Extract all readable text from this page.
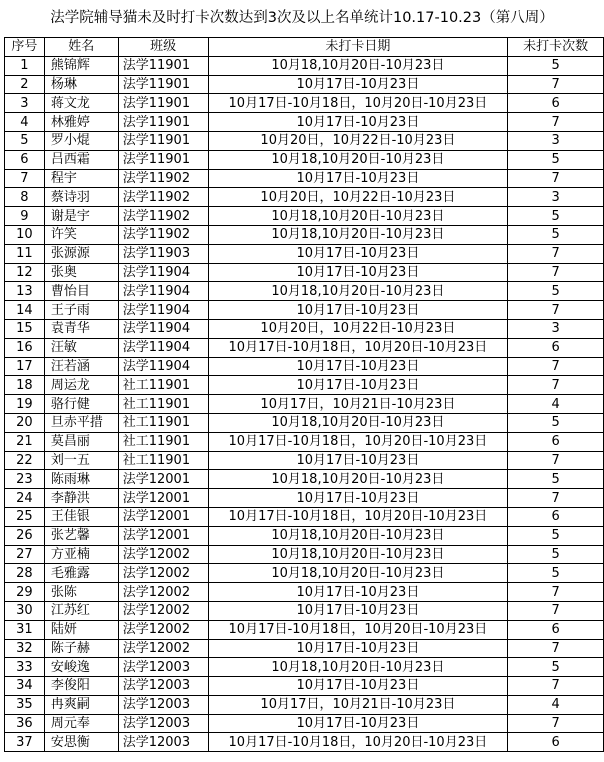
法学院辅导猫未及时打卡次数达到3次及以上名单统计10.17-10.23（第八周）
序号	姓名	班级	未打卡日期	未打卡次数
1	熊锦辉	法学11901	10月18,10月20日-10月23日	5
2	杨琳	法学11901	10月17日-10月23日	7
3	蒋文龙	法学11901	10月17日-10月18日，10月20日-10月23日	6
4	林雅婷	法学11901	10月17日-10月23日	7
5	罗小焜	法学11901	10月20日，10月22日-10月23日	3
6	吕西霜	法学11901	10月18,10月20日-10月23日	5
7	程宇	法学11902	10月17日-10月23日	7
8	蔡诗羽	法学11902	10月20日，10月22日-10月23日	3
9	谢是宇	法学11902	10月18,10月20日-10月23日	5
10	许笑	法学11902	10月18,10月20日-10月23日	5
11	张源源	法学11903	10月17日-10月23日	7
12	张奥	法学11904	10月17日-10月23日	7
13	曹怡目	法学11904	10月18,10月20日-10月23日	5
14	王子雨	法学11904	10月17日-10月23日	7
15	袁青华	法学11904	10月20日，10月22日-10月23日	3
16	汪敏	法学11904	10月17日-10月18日，10月20日-10月23日	6
17	汪若涵	法学11904	10月17日-10月23日	7
18	周运龙	社工11901	10月17日-10月23日	7
19	骆行健	社工11901	10月17日，10月21日-10月23日	4
20	旦赤平措	社工11901	10月18,10月20日-10月23日	5
21	莫昌丽	社工11901	10月17日-10月18日，10月20日-10月23日	6
22	刘一五	社工11901	10月17日-10月23日	7
23	陈雨琳	法学12001	10月18,10月20日-10月23日	5
24	李静洪	法学12001	10月17日-10月23日	7
25	王佳银	法学12001	10月17日-10月18日，10月20日-10月23日	6
26	张艺馨	法学12001	10月18,10月20日-10月23日	5
27	方亚楠	法学12002	10月18,10月20日-10月23日	5
28	毛雅露	法学12002	10月18,10月20日-10月23日	5
29	张陈	法学12002	10月17日-10月23日	7
30	江苏红	法学12002	10月17日-10月23日	7
31	陆妍	法学12002	10月17日-10月18日，10月20日-10月23日	6
32	陈子赫	法学12002	10月17日-10月23日	7
33	安峻逸	法学12003	10月18,10月20日-10月23日	5
34	李俊阳	法学12003	10月17日-10月23日	7
35	冉爽嗣	法学12003	10月17日，10月21日-10月23日	4
36	周元奉	法学12003	10月17日-10月23日	7
37	安思衡	法学12003	10月17日-10月18日，10月20日-10月23日	6
